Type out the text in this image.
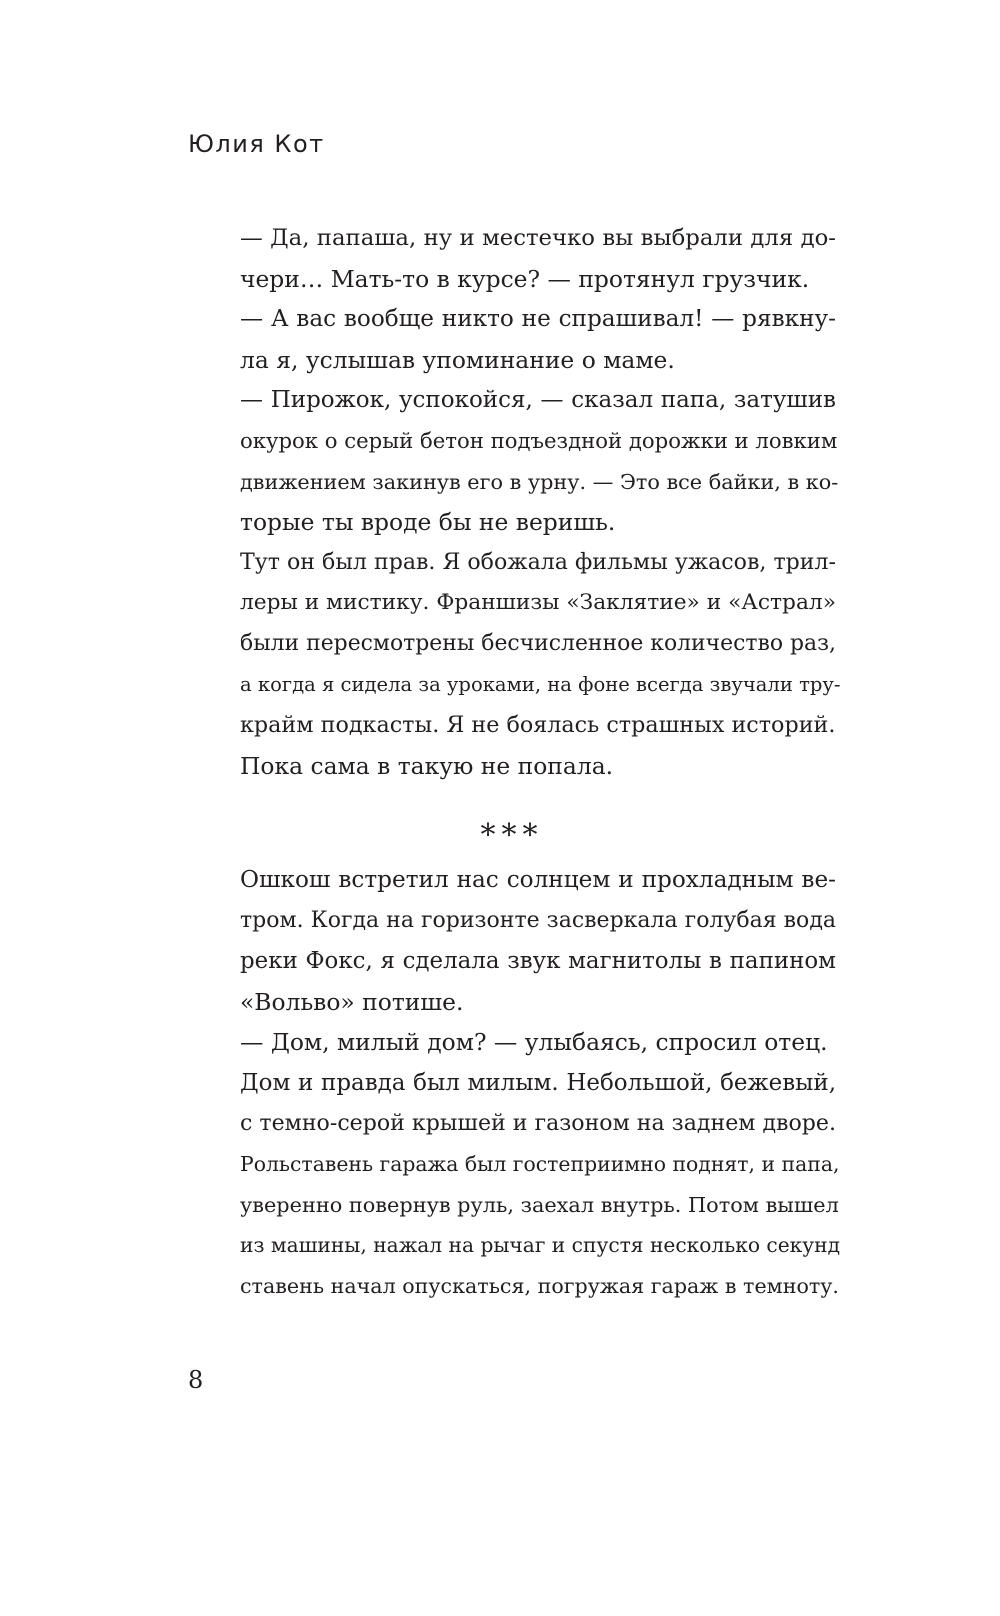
Юлия Кот

— Да, папаша, ну и местечко вы выбрали для до-
чери… Мать-то в курсе? — протянул грузчик.

— А вас вообще никто не спрашивал! — рявкну-
ла я, услышав упоминание о маме.

— Пирожок, успокойся, — сказал папа, затушив
окурок о серый бетон подъездной дорожки и ловким
движением закинув его в урну. — Это все байки, в ко-
торые ты вроде бы не веришь.

Тут он был прав. Я обожала фильмы ужасов, трил-
леры и мистику. Франшизы «Заклятие» и «Астрал»
были пересмотрены бесчисленное количество раз,
а когда я сидела за уроками, на фоне всегда звучали тру-
крайм подкасты. Я не боялась страшных историй.

Пока сама в такую не попала.

***

Ошкош встретил нас солнцем и прохладным ве-
тром. Когда на горизонте засверкала голубая вода
реки Фокс, я сделала звук магнитолы в папином
«Вольво» потише.

— Дом, милый дом? — улыбаясь, спросил отец.

Дом и правда был милым. Небольшой, бежевый,
с темно-серой крышей и газоном на заднем дворе.
Рольставень гаража был гостеприимно поднят, и папа,
уверенно повернув руль, заехал внутрь. Потом вышел
из машины, нажал на рычаг и спустя несколько секунд
ставень начал опускаться, погружая гараж в темноту.

8
